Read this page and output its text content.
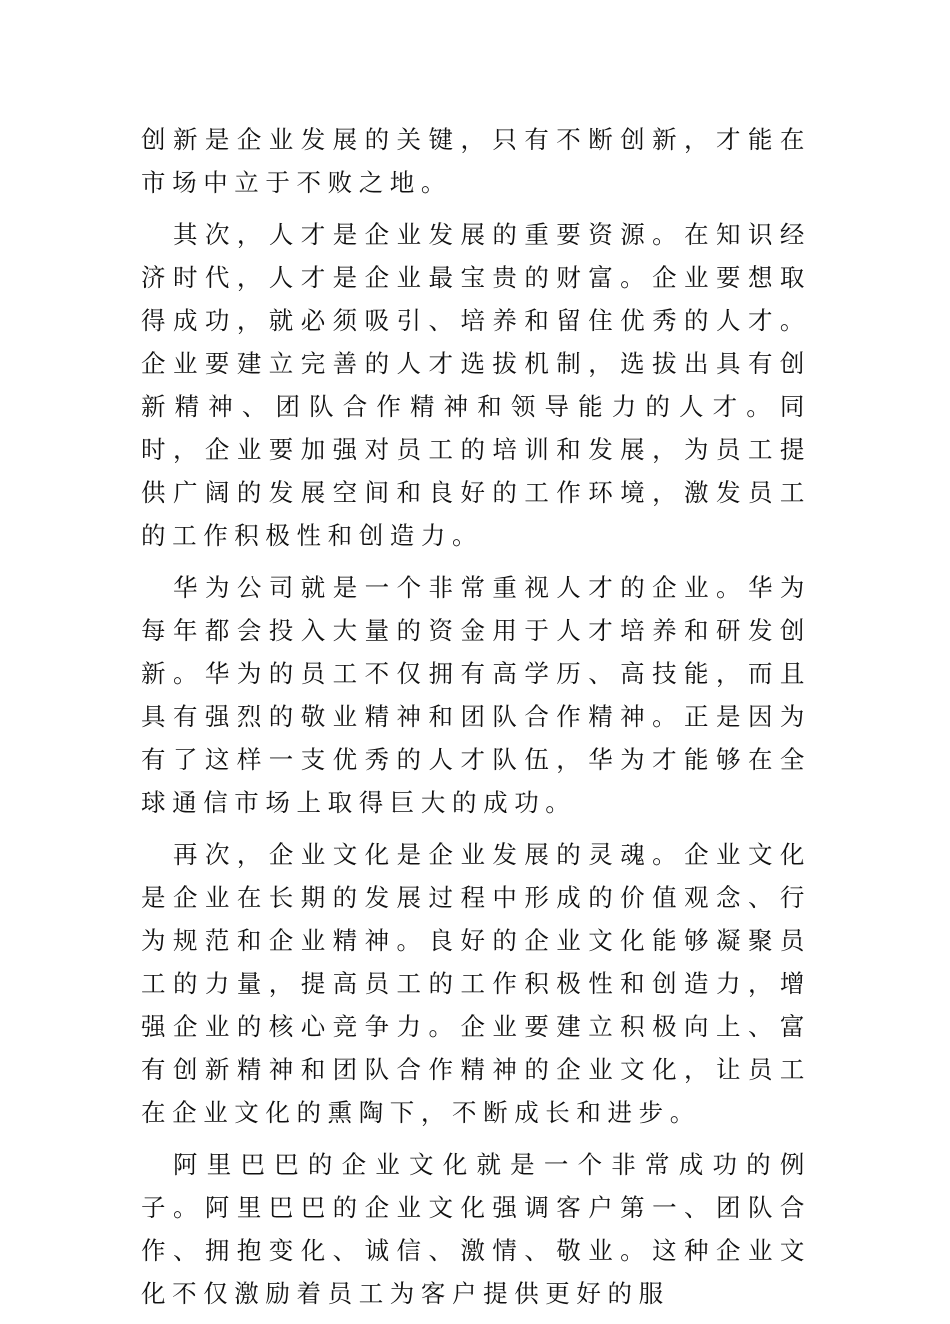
创新是企业发展的关键，只有不断创新，才能在市场中立于不败之地。

其次，人才是企业发展的重要资源。在知识经济时代，人才是企业最宝贵的财富。企业要想取得成功，就必须吸引、培养和留住优秀的人才。企业要建立完善的人才选拔机制，选拔出具有创新精神、团队合作精神和领导能力的人才。同时，企业要加强对员工的培训和发展，为员工提供广阔的发展空间和良好的工作环境，激发员工的工作积极性和创造力。

华为公司就是一个非常重视人才的企业。华为每年都会投入大量的资金用于人才培养和研发创新。华为的员工不仅拥有高学历、高技能，而且具有强烈的敬业精神和团队合作精神。正是因为有了这样一支优秀的人才队伍，华为才能够在全球通信市场上取得巨大的成功。

再次，企业文化是企业发展的灵魂。企业文化是企业在长期的发展过程中形成的价值观念、行为规范和企业精神。良好的企业文化能够凝聚员工的力量，提高员工的工作积极性和创造力，增强企业的核心竞争力。企业要建立积极向上、富有创新精神和团队合作精神的企业文化，让员工在企业文化的熏陶下，不断成长和进步。

阿里巴巴的企业文化就是一个非常成功的例子。阿里巴巴的企业文化强调客户第一、团队合作、拥抱变化、诚信、激情、敬业。这种企业文化不仅激励着员工为客户提供更好的服
